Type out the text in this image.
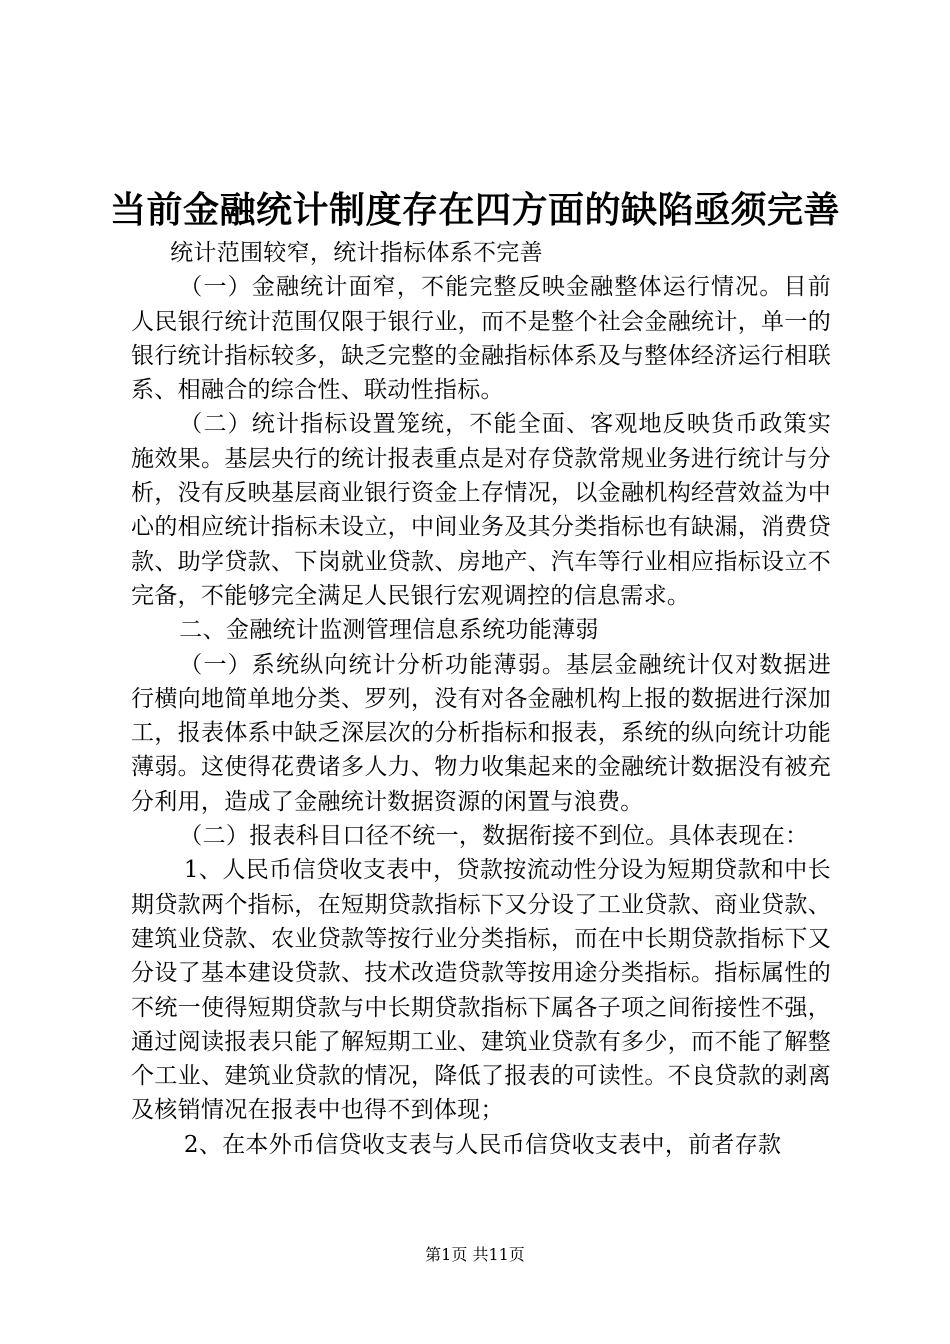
当前金融统计制度存在四方面的缺陷亟须完善

统计范围较窄，统计指标体系不完善

（一）金融统计面窄，不能完整反映金融整体运行情况。目前人民银行统计范围仅限于银行业，而不是整个社会金融统计，单一的银行统计指标较多，缺乏完整的金融指标体系及与整体经济运行相联系、相融合的综合性、联动性指标。

（二）统计指标设置笼统，不能全面、客观地反映货币政策实施效果。基层央行的统计报表重点是对存贷款常规业务进行统计与分析，没有反映基层商业银行资金上存情况，以金融机构经营效益为中心的相应统计指标未设立，中间业务及其分类指标也有缺漏，消费贷款、助学贷款、下岗就业贷款、房地产、汽车等行业相应指标设立不完备，不能够完全满足人民银行宏观调控的信息需求。

二、金融统计监测管理信息系统功能薄弱

（一）系统纵向统计分析功能薄弱。基层金融统计仅对数据进行横向地简单地分类、罗列，没有对各金融机构上报的数据进行深加工，报表体系中缺乏深层次的分析指标和报表，系统的纵向统计功能薄弱。这使得花费诸多人力、物力收集起来的金融统计数据没有被充分利用，造成了金融统计数据资源的闲置与浪费。

（二）报表科目口径不统一，数据衔接不到位。具体表现在：

1、人民币信贷收支表中，贷款按流动性分设为短期贷款和中长期贷款两个指标，在短期贷款指标下又分设了工业贷款、商业贷款、建筑业贷款、农业贷款等按行业分类指标，而在中长期贷款指标下又分设了基本建设贷款、技术改造贷款等按用途分类指标。指标属性的不统一使得短期贷款与中长期贷款指标下属各子项之间衔接性不强，通过阅读报表只能了解短期工业、建筑业贷款有多少，而不能了解整个工业、建筑业贷款的情况，降低了报表的可读性。不良贷款的剥离及核销情况在报表中也得不到体现；

2、在本外币信贷收支表与人民币信贷收支表中，前者存款

第1页 共11页
